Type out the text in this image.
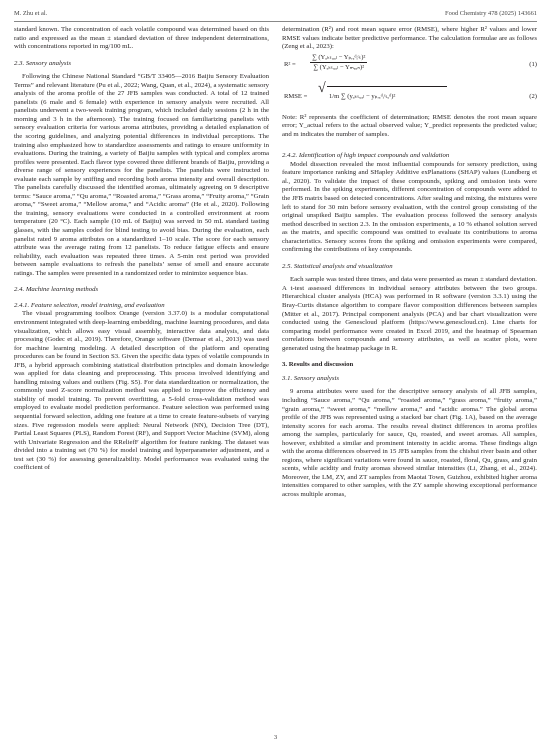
M. Zhu et al.	Food Chemistry 478 (2025) 143661

standard known. The concentration of each volatile compound was determined based on this ratio and expressed as the mean ± standard deviation of three independent determinations, with concentrations reported in mg/100 mL.

2.3. Sensory analysis

Following the Chinese National Standard “GB/T 33405—2016 Baijiu Sensory Evaluation Terms” and relevant literature (Pu et al., 2022; Wang, Quan, et al., 2024), a systematic sensory analysis of the aroma profile of the 27 JFB samples was conducted. A total of 12 trained panelists (6 male and 6 female) with experience in sensory analysis were recruited. All panelists underwent a two-week training program, which included daily sessions (2 h in the morning and 3 h in the afternoon). The training focused on familiarizing panelists with sensory evaluation criteria for various aroma attributes, providing a detailed explanation of the scoring guidelines, and analyzing potential differences in individual perceptions. The training also emphasized how to standardize assessments and ratings to ensure uniformity in evaluations. During the training, a variety of Baijiu samples with typical and complex aroma profiles were presented. Each flavor type covered three different brands of Baijiu, providing a diverse range of sensory experiences for the panelists. The panelists were instructed to evaluate each sample by sniffing and recording both aroma intensity and overall description. The panelists carefully discussed the identified aromas, ultimately agreeing on 9 descriptive terms: “Sauce aroma,” “Qu aroma,” “Roasted aroma,” “Grass aroma,” “Fruity aroma,” “Grain aroma,” “Sweet aroma,” “Mellow aroma,” and “Acidic aroma” (He et al., 2020). Following the training, sensory evaluations were conducted in a controlled environment at room temperature (20 °C). Each sample (10 mL of Baijiu) was served in 50 mL standard tasting glasses, with the samples coded for blind testing to avoid bias. During the evaluation, each panelist rated 9 aroma attributes on a standardized 1–10 scale. The score for each sensory attribute was the average rating from 12 panelists. To reduce fatigue effects and ensure reliability, each evaluation was repeated three times. A 5-min rest period was provided between sample evaluations to refresh the panelists’ sense of smell and ensure accurate ratings. The samples were presented in a randomized order to minimize sequence bias.

2.4. Machine learning methods

2.4.1. Feature selection, model training, and evaluation

The visual programming toolbox Orange (version 3.37.0) is a modular computational environment integrated with deep-learning embedding, machine learning procedures, and data visualization, which allows easy visual assembly, interactive data analysis, and data processing (Godec et al., 2019). Therefore, Orange software (Demsar et al., 2013) was used for machine learning modeling. A detailed description of the platform and operating procedures can be found in Section S3. Given the specific data types of volatile compounds in JFB, a hybrid approach combining statistical distribution principles and domain knowledge was applied for data cleaning and preprocessing. This process involved identifying and handling missing values and outliers (Fig. S5). For data standardization or normalization, the commonly used Z-score normalization method was applied to improve the efficiency and stability of model training. To prevent overfitting, a 5-fold cross-validation method was employed to evaluate model prediction performance. Feature selection was performed using sequential forward selection, adding one feature at a time to create feature-subsets of varying sizes. Five regression models were applied: Neural Network (NN), Decision Tree (DT), Partial Least Squares (PLS), Random Forest (RF), and Support Vector Machine (SVM), along with Univariate Regression and the RReliefF algorithm for feature ranking. The dataset was divided into a training set (70 %) for model training and hyperparameter adjustment, and a test set (30 %) for assessing generalizability. Model performance was evaluated using the coefficient of

determination (R²) and root mean square error (RMSE), where higher R² values and lower RMSE values indicate better predictive performance. The calculation formulae are as follows (Zeng et al., 2023):

R² =
∑ (Yₐₖₜᵤₐₗ − Yₚᵣₑᵈᵢᶜₜ)²
∑ (Yₐₖₜᵤₐₗ − Yₘₑₐₙ)²	(1)
RMSE =
√
1/m ∑ (yₐₖₜᵤₐₗ − yₚᵣₑᵈᵢᶜₜₑᵈ)²	(2)

Note: R² represents the coefficient of determination; RMSE denotes the root mean square error; Y_actual refers to the actual observed value; Y_predict represents the predicted value; and m indicates the number of samples.

2.4.2. Identification of high impact compounds and validation

Model dissection revealed the most influential compounds for sensory prediction, using feature importance ranking and SHapley Additive exPlanations (SHAP) values (Lundberg et al., 2020). To validate the impact of these compounds, spiking and omission tests were performed. In the spiking experiments, different concentration of compounds were added to the JFB matrix based on detected concentrations. After sealing and mixing, the mixtures were left to stand for 30 min before sensory evaluation, with the control group consisting of the original unspiked Baijiu samples. The evaluation process followed the sensory analysis method described in section 2.3. In the omission experiments, a 10 % ethanol solution served as the matrix, and specific compound was omitted to evaluate its contributions to aroma characteristics. Sensory scores from the spiking and omission experiments were compared, confirming the contributions of key compounds.

2.5. Statistical analysis and visualization

Each sample was tested three times, and data were presented as mean ± standard deviation. A t-test assessed differences in individual sensory attributes between the two groups. Hierarchical cluster analysis (HCA) was performed in R software (version 3.3.1) using the Bray-Curtis distance algorithm to compare flavor composition differences between samples (Mitter et al., 2017). Principal component analysis (PCA) and bar chart visualization were conducted using the Genescloud platform (https://www.genescloud.cn). Line charts for comparing model performance were created in Excel 2019, and the heatmap of Spearman correlations between compounds and sensory attributes, as well as scatter plots, were generated using the heatmap package in R.

3. Results and discussion

3.1. Sensory analysis

9 aroma attributes were used for the descriptive sensory analysis of all JFB samples, including “Sauce aroma,” “Qu aroma,” “roasted aroma,” “grass aroma,” “fruity aroma,” “grain aroma,” “sweet aroma,” “mellow aroma,” and “acidic aroma.” The global aroma profile of the JFB was represented using a stacked bar chart (Fig. 1A), based on the average intensity scores for each aroma. The results reveal distinct differences in aroma profiles among the samples, particularly for sauce, Qu, roasted, and sweet aromas. All samples, however, exhibited a similar and prominent intensity in acidic aroma. These findings align with the aroma differences observed in 15 JFB samples from the chishui river basin and other regions, where significant variations were found in sauce, roasted, floral, Qu, grass, and grain scents, while acidity and fruity aromas showed similar intensities (Li, Zhang, et al., 2024). Moreover, the LM, ZY, and ZT samples from Maotai Town, Guizhou, exhibited higher aroma intensities compared to other samples, with the ZY sample showing exceptional performance across multiple aromas,

3
